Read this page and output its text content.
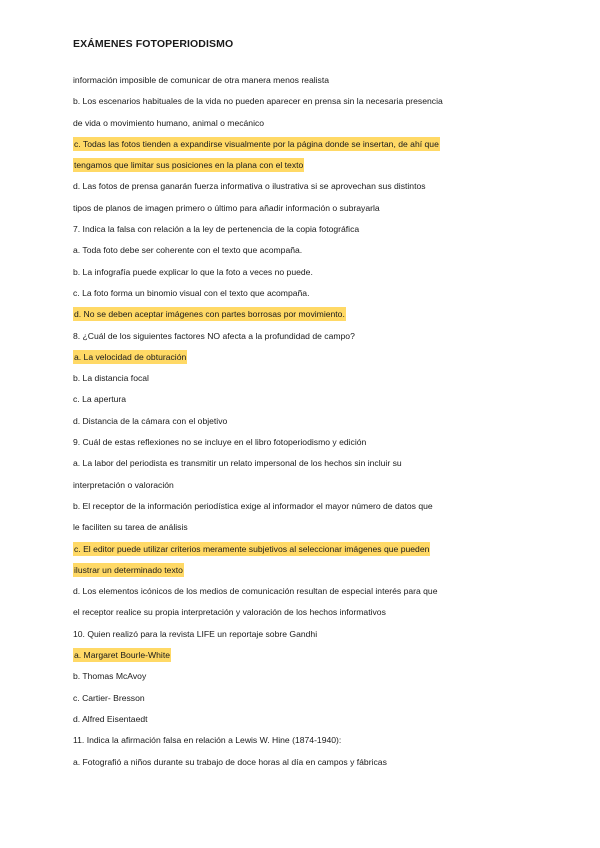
EXÁMENES FOTOPERIODISMO
información imposible de comunicar de otra manera menos realista
b. Los escenarios habituales de la vida no pueden aparecer en prensa sin la necesaria presencia
de vida o movimiento humano, animal o mecánico
c. Todas las fotos tienden a expandirse visualmente por la página donde se insertan, de ahí que
tengamos que limitar sus posiciones en la plana con el texto
d. Las fotos de prensa ganarán fuerza informativa o ilustrativa si se aprovechan sus distintos
tipos de planos de imagen primero o último para añadir información o subrayarla
7. Indica la falsa con relación a la ley de pertenencia de la copia fotográfica
a. Toda foto debe ser coherente con el texto que acompaña.
b. La infografía puede explicar lo que la foto a veces no puede.
c. La foto forma un binomio visual con el texto que acompaña.
d. No se deben aceptar imágenes con partes borrosas por movimiento.
8. ¿Cuál de los siguientes factores NO afecta a la profundidad de campo?
a. La velocidad de obturación
b. La distancia focal
c. La apertura
d. Distancia de la cámara con el objetivo
9. Cuál de estas reflexiones no se incluye en el libro fotoperiodismo y edición
a. La labor del periodista es transmitir un relato impersonal de los hechos sin incluir su
interpretación o valoración
b. El receptor de la información periodística exige al informador el mayor número de datos que
le faciliten su tarea de análisis
c. El editor puede utilizar criterios meramente subjetivos al seleccionar imágenes que pueden
ilustrar un determinado texto
d. Los elementos icónicos de los medios de comunicación resultan de especial interés para que
el receptor realice su propia interpretación y valoración de los hechos informativos
10. Quien realizó para la revista LIFE un reportaje sobre Gandhi
a. Margaret Bourle-White
b. Thomas McAvoy
c. Cartier- Bresson
d. Alfred Eisentaedt
11. Indica la afirmación falsa en relación a Lewis W. Hine (1874-1940):
a. Fotografió a niños durante su trabajo de doce horas al día en campos y fábricas
